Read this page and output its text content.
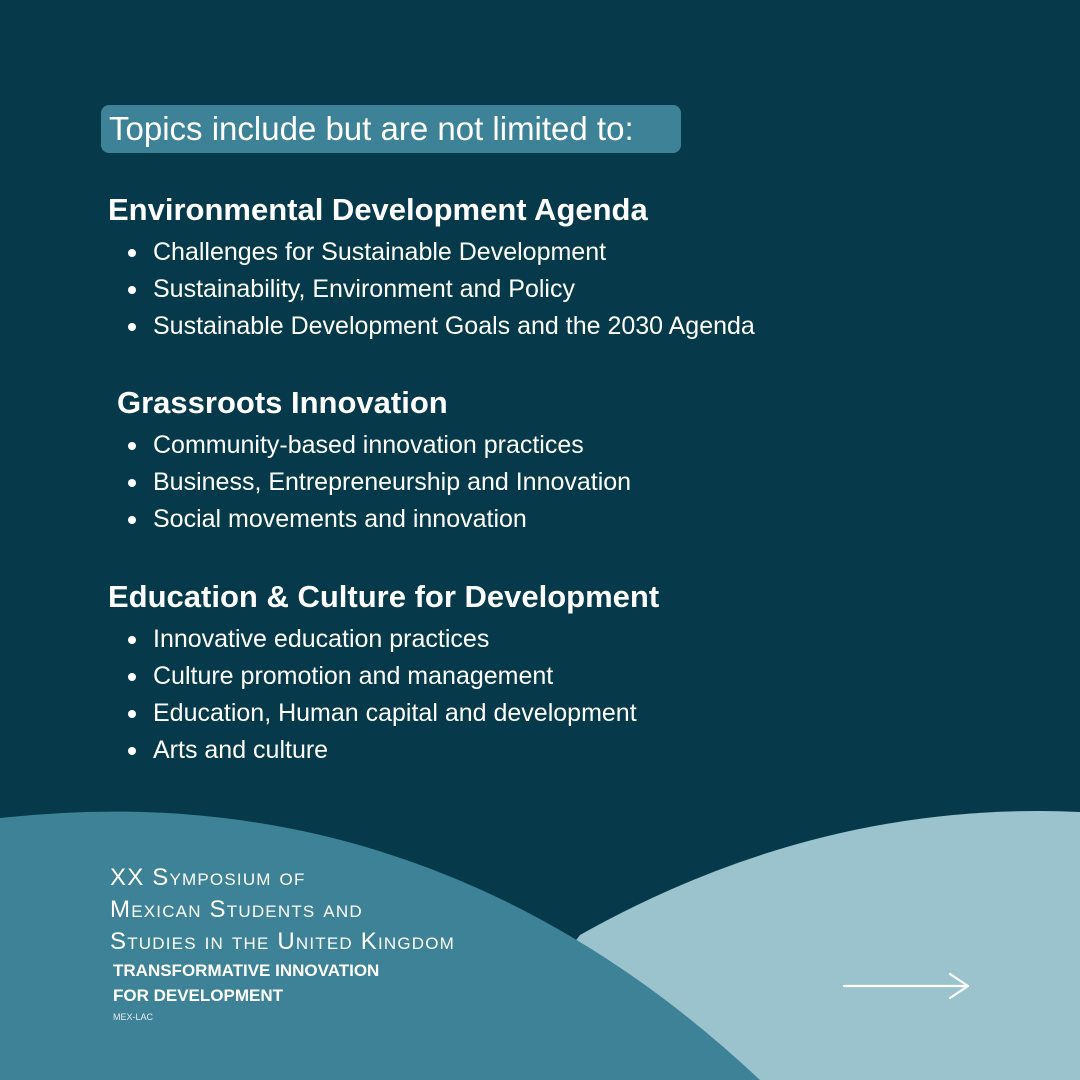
Topics include but are not limited to:
Environmental Development Agenda
Challenges for Sustainable Development
Sustainability, Environment and Policy
Sustainable Development Goals and the 2030 Agenda
Grassroots Innovation
Community-based innovation practices
Business, Entrepreneurship and Innovation
Social movements and innovation
Education & Culture for Development
Innovative education practices
Culture promotion and management
Education, Human capital and development
Arts and culture
XX Symposium of
Mexican Students and
Studies in the United Kingdom
TRANSFORMATIVE INNOVATION
FOR DEVELOPMENT
MEX-LAC
